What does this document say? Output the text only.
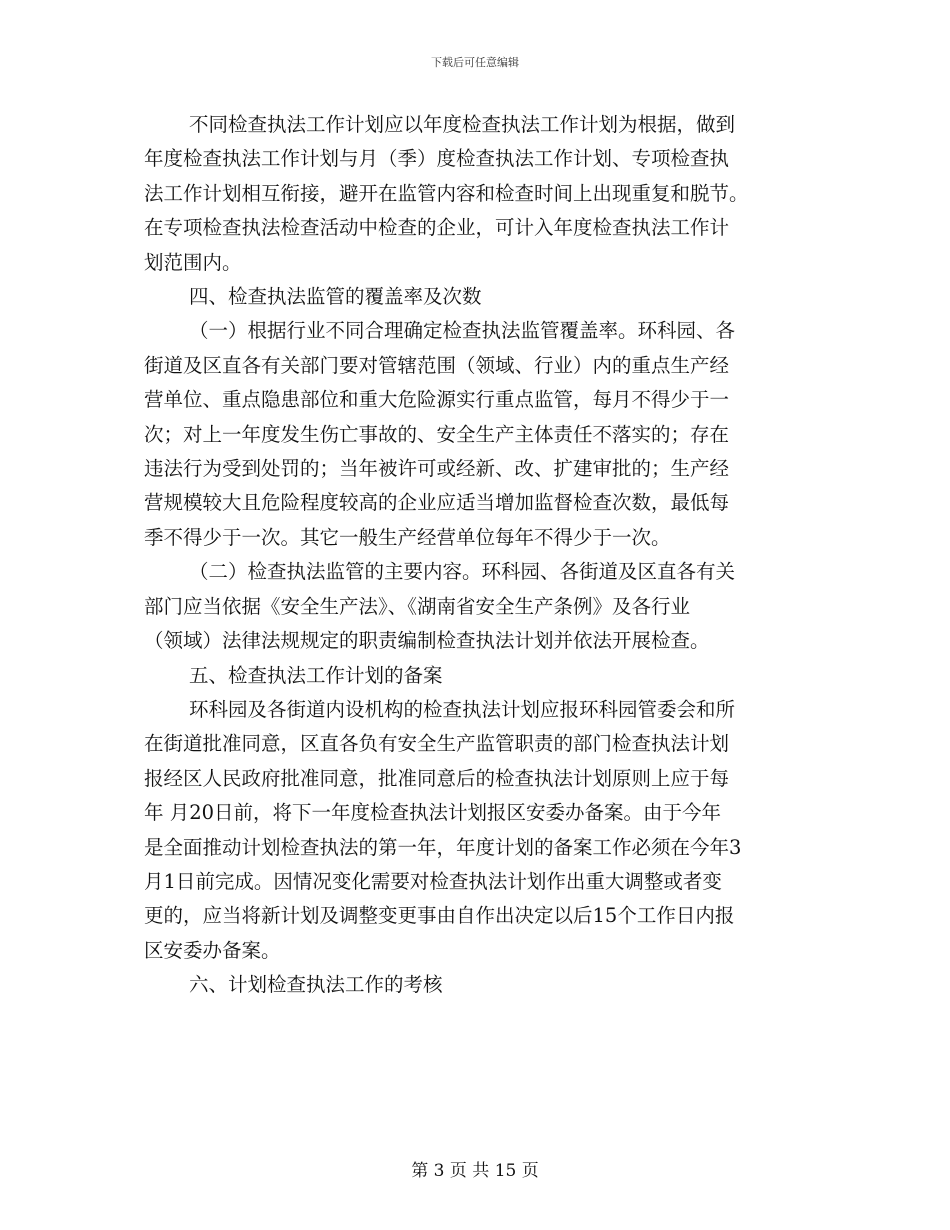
下载后可任意编辑

不同检查执法工作计划应以年度检查执法工作计划为根据，做到

年度检查执法工作计划与月（季）度检查执法工作计划、专项检查执

法工作计划相互衔接，避开在监管内容和检查时间上出现重复和脱节。

在专项检查执法检查活动中检查的企业，可计入年度检查执法工作计

划范围内。

四、检查执法监管的覆盖率及次数

（一）根据行业不同合理确定检查执法监管覆盖率。环科园、各

街道及区直各有关部门要对管辖范围（领域、行业）内的重点生产经

营单位、重点隐患部位和重大危险源实行重点监管，每月不得少于一

次；对上一年度发生伤亡事故的、安全生产主体责任不落实的；存在

违法行为受到处罚的；当年被许可或经新、改、扩建审批的；生产经

营规模较大且危险程度较高的企业应适当增加监督检查次数，最低每

季不得少于一次。其它一般生产经营单位每年不得少于一次。

（二）检查执法监管的主要内容。环科园、各街道及区直各有关

部门应当依据《安全生产法》、《湖南省安全生产条例》及各行业

（领域）法律法规规定的职责编制检查执法计划并依法开展检查。

五、检查执法工作计划的备案

环科园及各街道内设机构的检查执法计划应报环科园管委会和所

在街道批准同意，区直各负有安全生产监管职责的部门检查执法计划

报经区人民政府批准同意，批准同意后的检查执法计划原则上应于每

年 月20日前，将下一年度检查执法计划报区安委办备案。由于今年

是全面推动计划检查执法的第一年，年度计划的备案工作必须在今年3

月1日前完成。因情况变化需要对检查执法计划作出重大调整或者变

更的，应当将新计划及调整变更事由自作出决定以后15个工作日内报

区安委办备案。

六、计划检查执法工作的考核

第 3 页 共 15 页
